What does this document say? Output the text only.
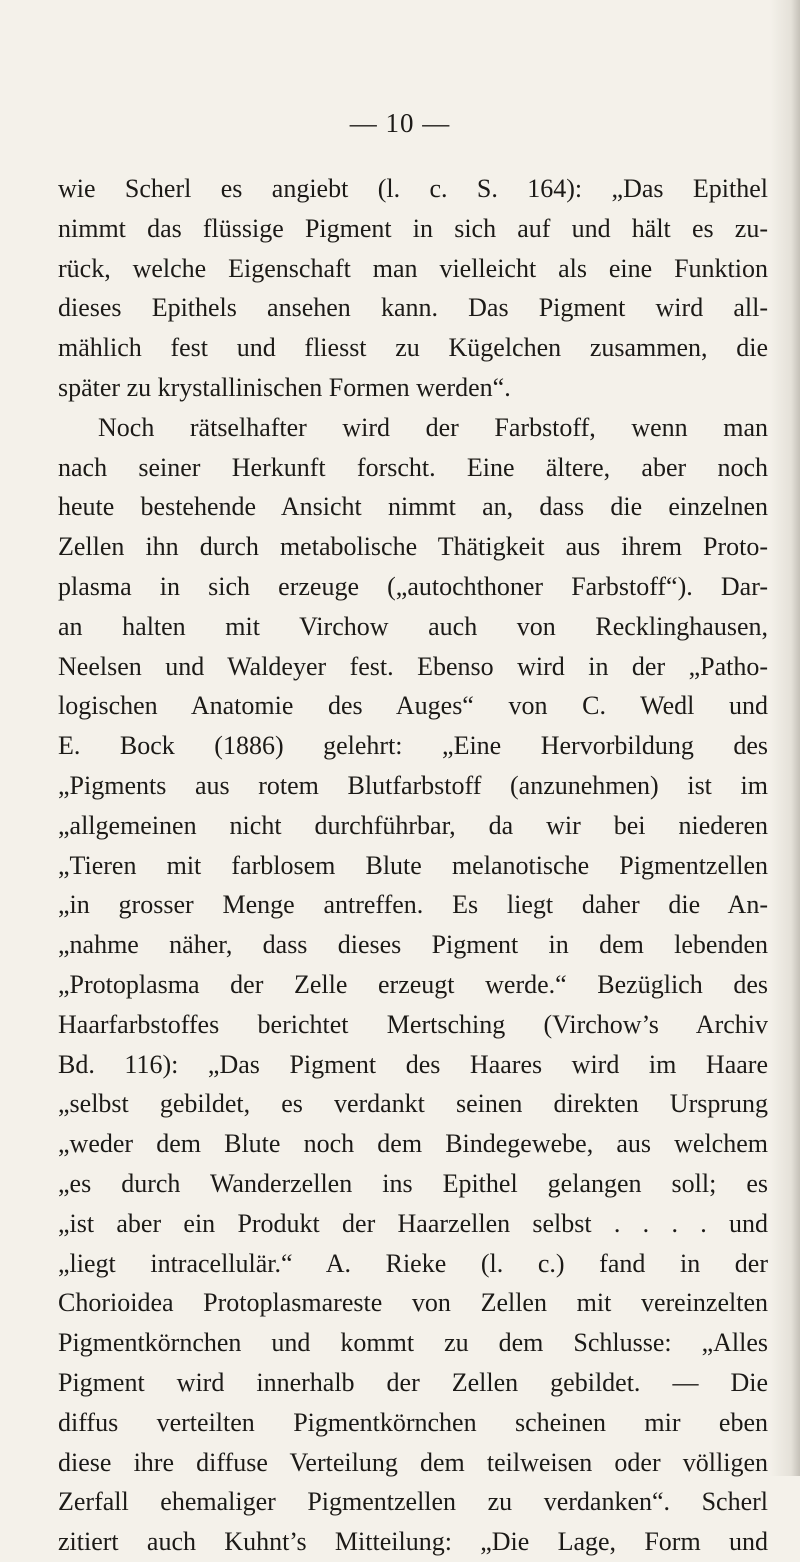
— 10 —
wie Scherl es angiebt (l. c. S. 164): „Das Epithel
nimmt das flüssige Pigment in sich auf und hält es zu-
rück, welche Eigenschaft man vielleicht als eine Funktion
dieses Epithels ansehen kann. Das Pigment wird all-
mählich fest und fliesst zu Kügelchen zusammen, die
später zu krystallinischen Formen werden“.
Noch rätselhafter wird der Farbstoff, wenn man
nach seiner Herkunft forscht. Eine ältere, aber noch
heute bestehende Ansicht nimmt an, dass die einzelnen
Zellen ihn durch metabolische Thätigkeit aus ihrem Proto-
plasma in sich erzeuge („autochthoner Farbstoff“). Dar-
an halten mit Virchow auch von Recklinghausen,
Neelsen und Waldeyer fest. Ebenso wird in der „Patho-
logischen Anatomie des Auges“ von C. Wedl und
E. Bock (1886) gelehrt: „Eine Hervorbildung des
„Pigments aus rotem Blutfarbstoff (anzunehmen) ist im
„allgemeinen nicht durchführbar, da wir bei niederen
„Tieren mit farblosem Blute melanotische Pigmentzellen
„in grosser Menge antreffen. Es liegt daher die An-
„nahme näher, dass dieses Pigment in dem lebenden
„Protoplasma der Zelle erzeugt werde.“ Bezüglich des
Haarfarbstoffes berichtet Mertsching (Virchow’s Archiv
Bd. 116): „Das Pigment des Haares wird im Haare
„selbst gebildet, es verdankt seinen direkten Ursprung
„weder dem Blute noch dem Bindegewebe, aus welchem
„es durch Wanderzellen ins Epithel gelangen soll; es
„ist aber ein Produkt der Haarzellen selbst . . . . und
„liegt intracellulär.“ A. Rieke (l. c.) fand in der
Chorioidea Protoplasmareste von Zellen mit vereinzelten
Pigmentkörnchen und kommt zu dem Schlusse: „Alles
Pigment wird innerhalb der Zellen gebildet. — Die
diffus verteilten Pigmentkörnchen scheinen mir eben
diese ihre diffuse Verteilung dem teilweisen oder völligen
Zerfall ehemaliger Pigmentzellen zu verdanken“. Scherl
zitiert auch Kuhnt’s Mitteilung: „Die Lage, Form und
